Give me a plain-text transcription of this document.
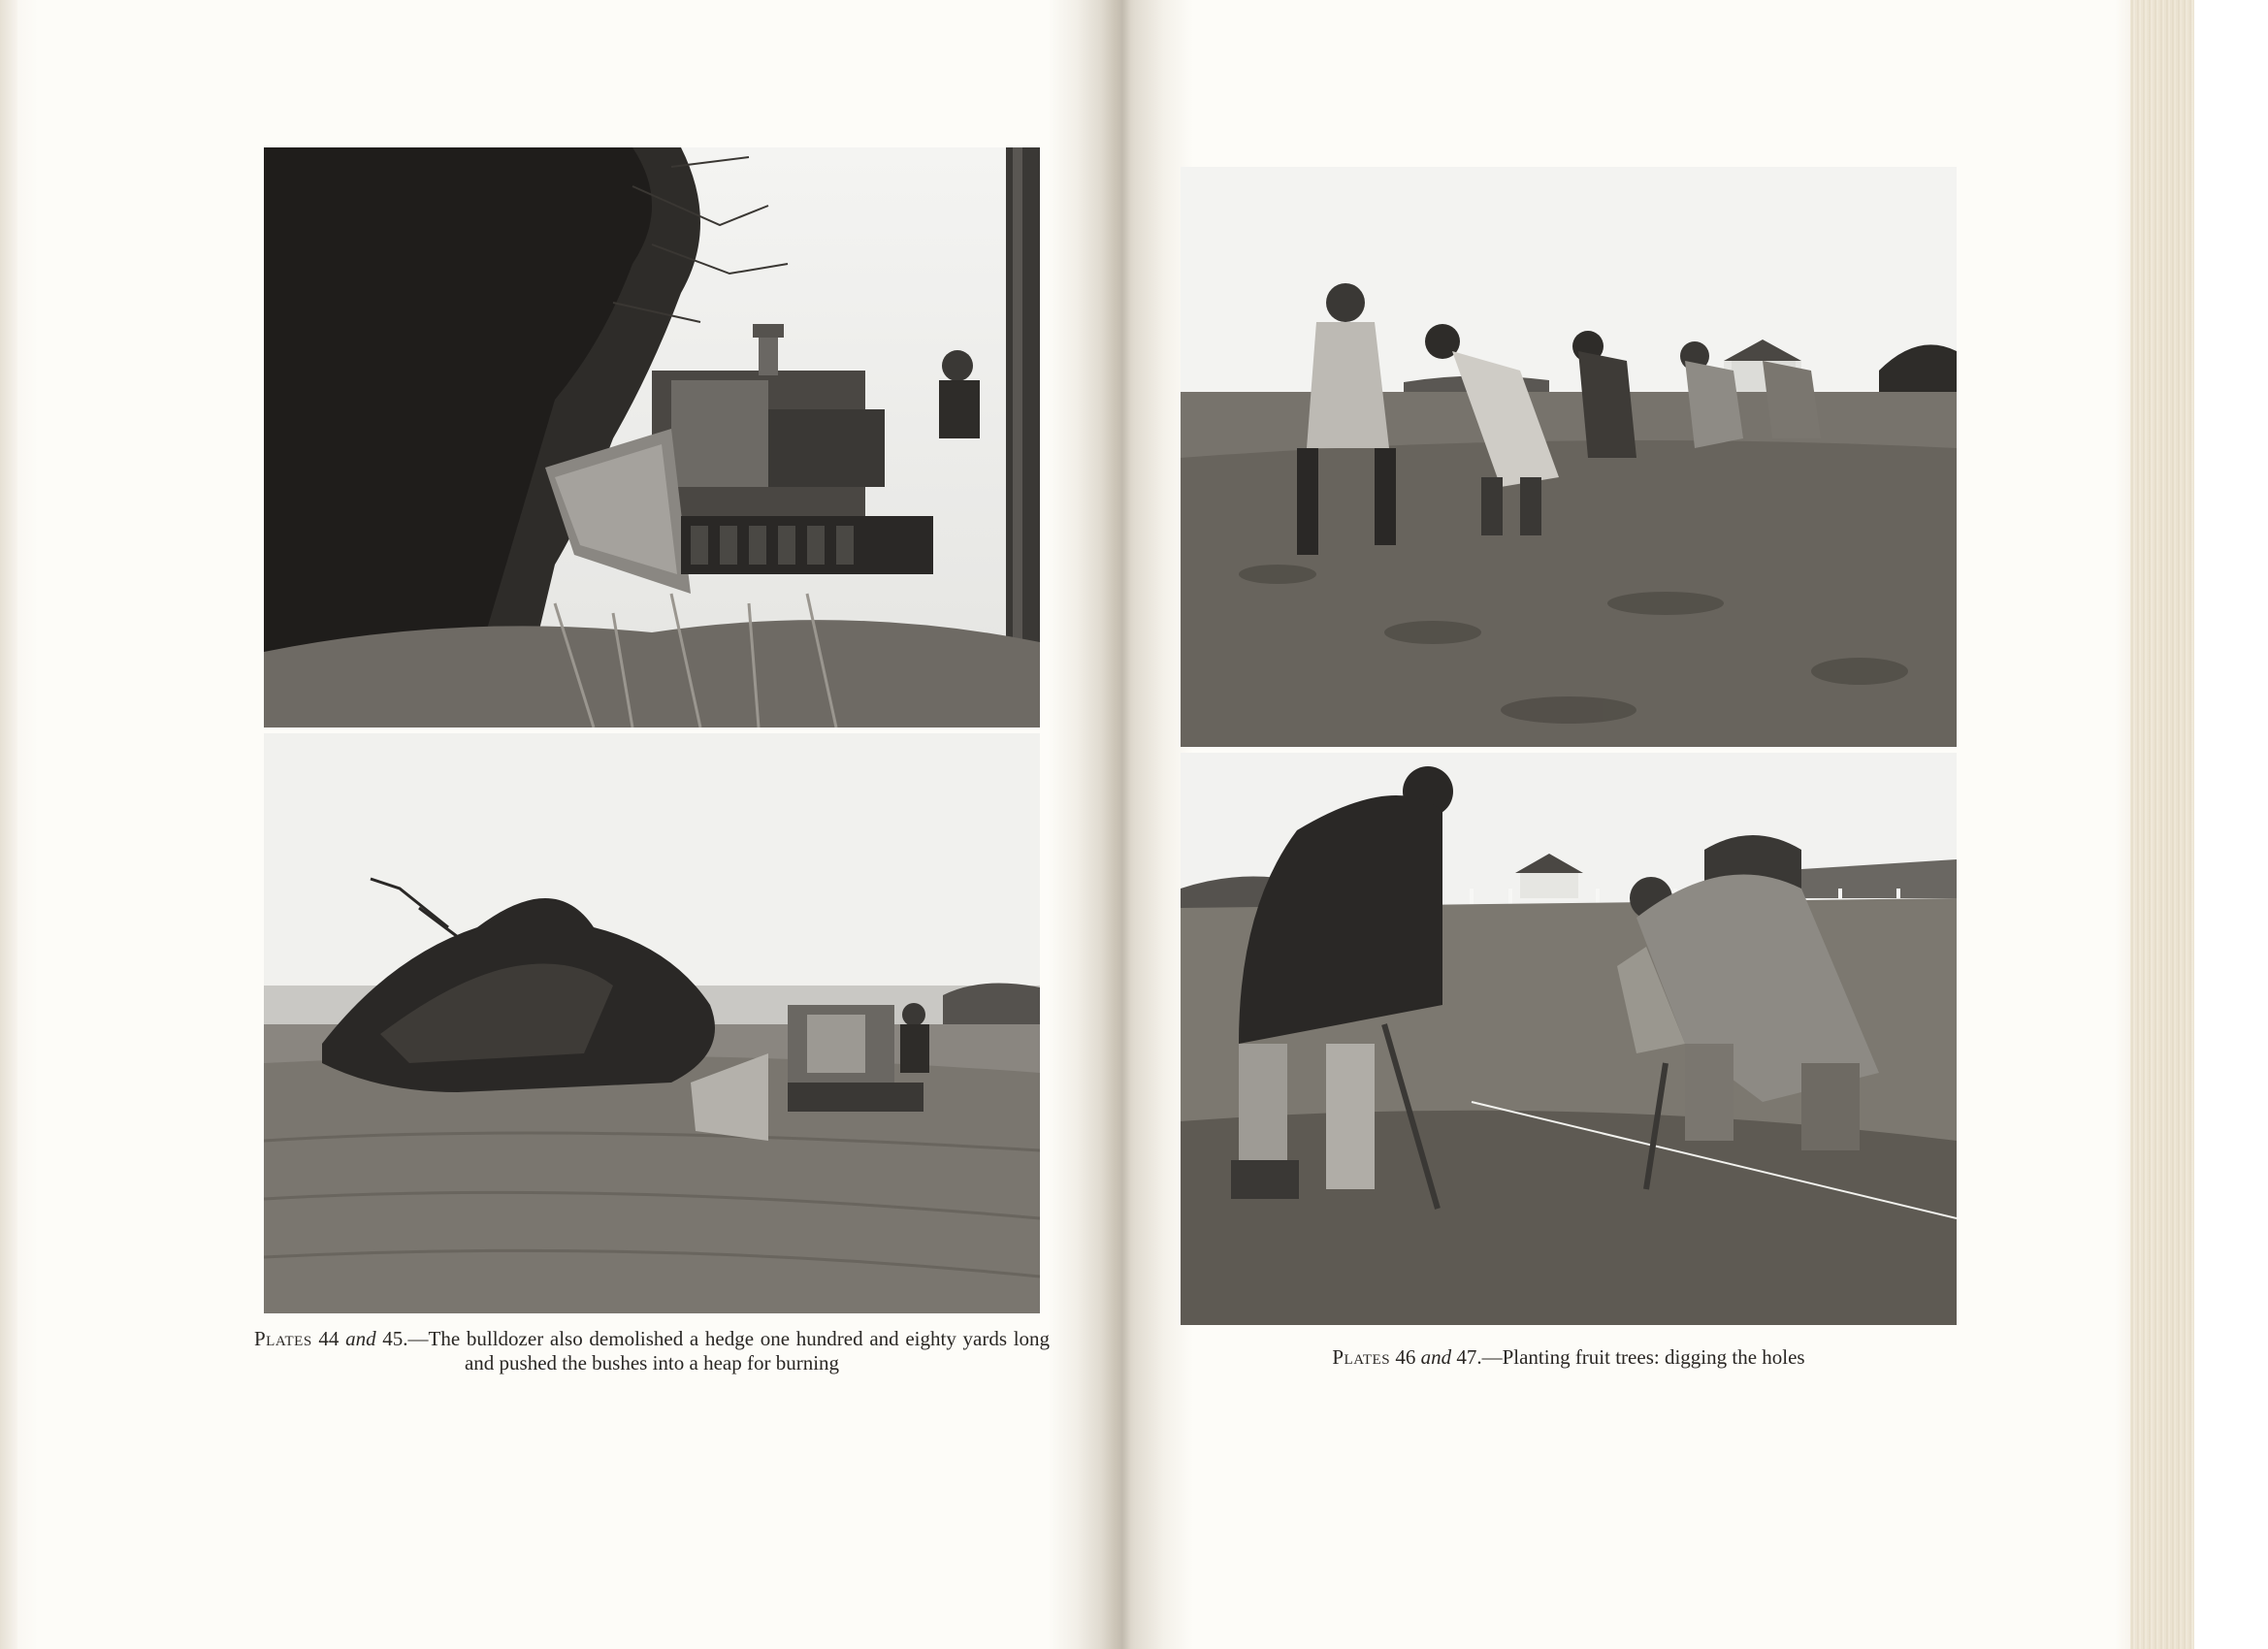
Plates 44 and 45.—The bulldozer also demolished a hedge one hundred and eighty yards long and pushed the bushes into a heap for burning	Plates 46 and 47.—Planting fruit trees: digging the holes
